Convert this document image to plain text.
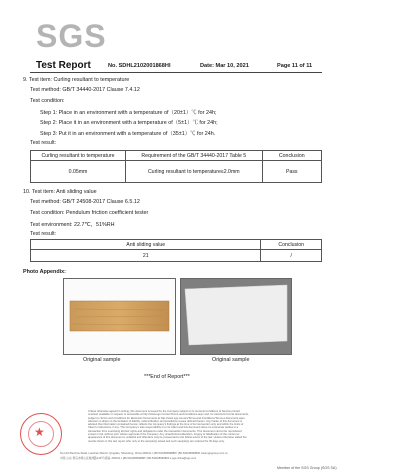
SGS
Test Report	No. SDHL2102001868HI	Date: Mar 10, 2021	Page 11 of 11
9. Test item: Curling resultant to temperature
Test method: GB/T 34440-2017 Clause 7.4.12
Test condition:
Step 1: Place in an environment with a temperature of（20±1）℃ for 24h;
Step 2: Place it in an environment with a temperature of（5±1）℃ for 24h;
Step 3: Put it in an environment with a temperature of（35±1）℃ for 24h.
Test result:
Curling resultant to temperature	Requirement of the GB/T 34440-2017 Table 5	Conclusion
0.05mm	Curling resultant to temperature≤2.0mm	Pass
10. Test item: Anti sliding value
Test method: GB/T 24508-2017 Clause 6.5.12
Test condition: Pendulum friction coefficient tester
Test environment: 22.7℃，51%RH
Test result:
Anti sliding value	Conclusion
21	/
Photo Appendix:
Original sample	Original sample
***End of Report***
★
Unless otherwise agreed in writing, this document is issued by the Company subject to its General Conditions of Service printed
overleaf, available on request or accessible at http://www.sgs.com/en/Terms-and-Conditions.aspx and, for electronic format documents,
subject to Terms and Conditions for Electronic Documents at http://www.sgs.com/en/Terms-and-Conditions/Terms-e-Document.aspx.
Attention is drawn to the limitation of liability, indemnification and jurisdiction issues defined therein. Any holder of this document is
advised that information contained hereon reflects the Company's findings at the time of its intervention only and within the limits of
Client's instructions, if any. The Company's sole responsibility is to its Client and this document does not exonerate parties to a
transaction from exercising all their rights and obligations under the transaction documents. This document cannot be reproduced
except in full, without prior written approval of the Company. Any unauthorized alteration, forgery or falsification of the content or
appearance of this document is unlawful and offenders may be prosecuted to the fullest extent of the law. Unless otherwise stated the
results shown in this test report refer only to the sample(s) tested and such sample(s) are retained for 30 days only.
No.143 Zhuzhou Road, Laoshan District, Qingdao, Shandong, China 266101 t (86-532)68999888 f (86-532)68999800 www.sgsgroup.com.cn
中国·山东·青岛市崂山区株洲路143号 邮编: 266101 t (86-532)68999888 f (86-532)68999800 e sgs.china@sgs.com
Member of the SGS Group (SGS SA)
